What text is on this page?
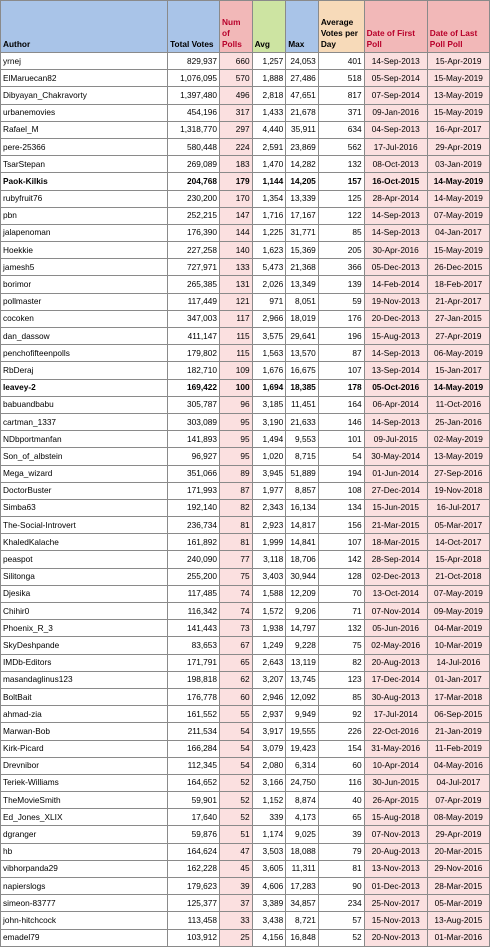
Author	Total Votes	Num of Polls	Avg	Max	Average Votes per Day	Date of First Poll	Date of Last Poll Poll
yrnej	829,937	660	1,257	24,053	401	14-Sep-2013	15-Apr-2019
ElMaruecan82	1,076,095	570	1,888	27,486	518	05-Sep-2014	15-May-2019
Dibyayan_Chakravorty	1,397,480	496	2,818	47,651	817	07-Sep-2014	13-May-2019
urbanemovies	454,196	317	1,433	21,678	371	09-Jan-2016	15-May-2019
Rafael_M	1,318,770	297	4,440	35,911	634	04-Sep-2013	16-Apr-2017
pere-25366	580,448	224	2,591	23,869	562	17-Jul-2016	29-Apr-2019
TsarStepan	269,089	183	1,470	14,282	132	08-Oct-2013	03-Jan-2019
Paok-Kilkis	204,768	179	1,144	14,205	157	16-Oct-2015	14-May-2019
rubyfruit76	230,200	170	1,354	13,339	125	28-Apr-2014	14-May-2019
pbn	252,215	147	1,716	17,167	122	14-Sep-2013	07-May-2019
jalapenoman	176,390	144	1,225	31,771	85	14-Sep-2013	04-Jan-2017
Hoekkie	227,258	140	1,623	15,369	205	30-Apr-2016	15-May-2019
jamesh5	727,971	133	5,473	21,368	366	05-Dec-2013	26-Dec-2015
borimor	265,385	131	2,026	13,349	139	14-Feb-2014	18-Feb-2017
pollmaster	117,449	121	971	8,051	59	19-Nov-2013	21-Apr-2017
cocoken	347,003	117	2,966	18,019	176	20-Dec-2013	27-Jan-2015
dan_dassow	411,147	115	3,575	29,641	196	15-Aug-2013	27-Apr-2019
penchofifteenpolls	179,802	115	1,563	13,570	87	14-Sep-2013	06-May-2019
RbDeraj	182,710	109	1,676	16,675	107	13-Sep-2014	15-Jan-2017
leavey-2	169,422	100	1,694	18,385	178	05-Oct-2016	14-May-2019
babuandbabu	305,787	96	3,185	11,451	164	06-Apr-2014	11-Oct-2016
cartman_1337	303,089	95	3,190	21,633	146	14-Sep-2013	25-Jan-2016
NDbportmanfan	141,893	95	1,494	9,553	101	09-Jul-2015	02-May-2019
Son_of_albstein	96,927	95	1,020	8,715	54	30-May-2014	13-May-2019
Mega_wizard	351,066	89	3,945	51,889	194	01-Jun-2014	27-Sep-2016
DoctorBuster	171,993	87	1,977	8,857	108	27-Dec-2014	19-Nov-2018
Simba63	192,140	82	2,343	16,134	134	15-Jun-2015	16-Jul-2017
The-Social-Introvert	236,734	81	2,923	14,817	156	21-Mar-2015	05-Mar-2017
KhaledKalache	161,892	81	1,999	14,841	107	18-Mar-2015	14-Oct-2017
peaspot	240,090	77	3,118	18,706	142	28-Sep-2014	15-Apr-2018
Silitonga	255,200	75	3,403	30,944	128	02-Dec-2013	21-Oct-2018
Djesika	117,485	74	1,588	12,209	70	13-Oct-2014	07-May-2019
Chihir0	116,342	74	1,572	9,206	71	07-Nov-2014	09-May-2019
Phoenix_R_3	141,443	73	1,938	14,797	132	05-Jun-2016	04-Mar-2019
SkyDeshpande	83,653	67	1,249	9,228	75	02-May-2016	10-Mar-2019
IMDb-Editors	171,791	65	2,643	13,119	82	20-Aug-2013	14-Jul-2016
masandaglinus123	198,818	62	3,207	13,745	123	17-Dec-2014	01-Jan-2017
BoltBait	176,778	60	2,946	12,092	85	30-Aug-2013	17-Mar-2018
ahmad-zia	161,552	55	2,937	9,949	92	17-Jul-2014	06-Sep-2015
Marwan-Bob	211,534	54	3,917	19,555	226	22-Oct-2016	21-Jan-2019
Kirk-Picard	166,284	54	3,079	19,423	154	31-May-2016	11-Feb-2019
Drevnibor	112,345	54	2,080	6,314	60	10-Apr-2014	04-May-2016
Teriek-Williams	164,652	52	3,166	24,750	116	30-Jun-2015	04-Jul-2017
TheMovieSmith	59,901	52	1,152	8,874	40	26-Apr-2015	07-Apr-2019
Ed_Jones_XLIX	17,640	52	339	4,173	65	15-Aug-2018	08-May-2019
dgranger	59,876	51	1,174	9,025	39	07-Nov-2013	29-Apr-2019
hb	164,624	47	3,503	18,088	79	20-Aug-2013	20-Mar-2015
vibhorpanda29	162,228	45	3,605	11,311	81	13-Nov-2013	29-Nov-2016
napierslogs	179,623	39	4,606	17,283	90	01-Dec-2013	28-Mar-2015
simeon-83777	125,377	37	3,389	34,857	234	25-Nov-2017	05-Mar-2019
john-hitchcock	113,458	33	3,438	8,721	57	15-Nov-2013	13-Aug-2015
emadel79	103,912	25	4,156	16,848	52	20-Nov-2013	01-Mar-2016
